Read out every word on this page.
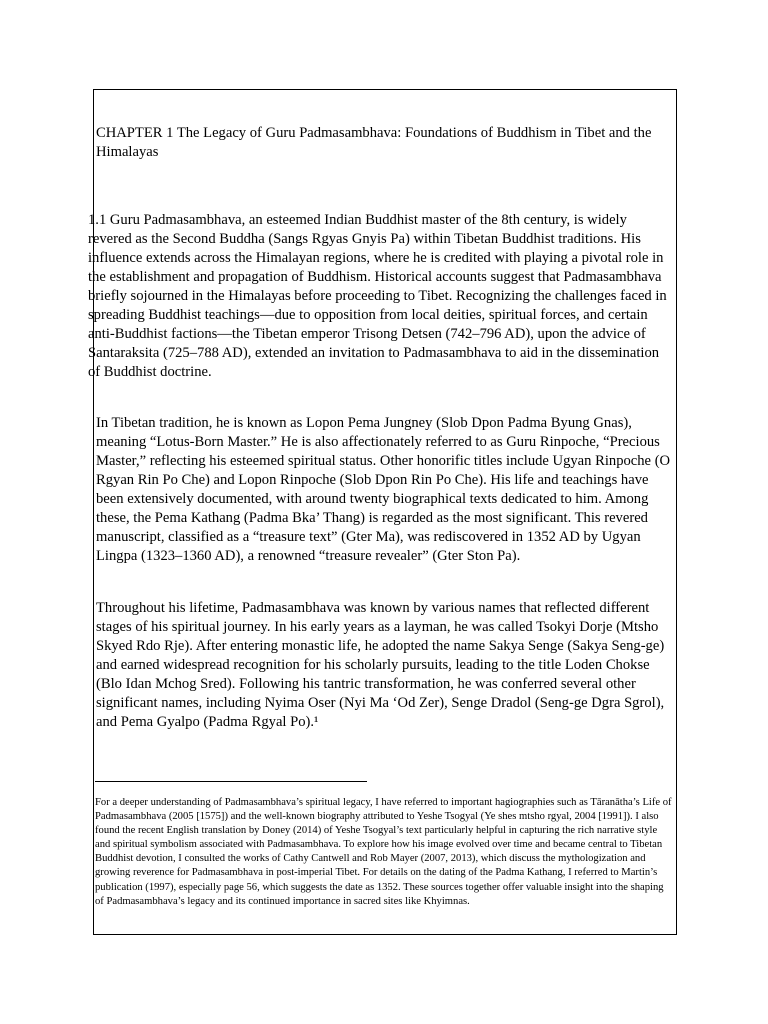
CHAPTER 1 The Legacy of Guru Padmasambhava: Foundations of Buddhism in Tibet and the Himalayas

1.1 Guru Padmasambhava, an esteemed Indian Buddhist master of the 8th century, is widely revered as the Second Buddha (Sangs Rgyas Gnyis Pa) within Tibetan Buddhist traditions. His influence extends across the Himalayan regions, where he is credited with playing a pivotal role in the establishment and propagation of Buddhism. Historical accounts suggest that Padmasambhava briefly sojourned in the Himalayas before proceeding to Tibet. Recognizing the challenges faced in spreading Buddhist teachings—due to opposition from local deities, spiritual forces, and certain anti-Buddhist factions—the Tibetan emperor Trisong Detsen (742–796 AD), upon the advice of Santaraksita (725–788 AD), extended an invitation to Padmasambhava to aid in the dissemination of Buddhist doctrine.

In Tibetan tradition, he is known as Lopon Pema Jungney (Slob Dpon Padma Byung Gnas), meaning “Lotus-Born Master.” He is also affectionately referred to as Guru Rinpoche, “Precious Master,” reflecting his esteemed spiritual status. Other honorific titles include Ugyan Rinpoche (O Rgyan Rin Po Che) and Lopon Rinpoche (Slob Dpon Rin Po Che). His life and teachings have been extensively documented, with around twenty biographical texts dedicated to him. Among these, the Pema Kathang (Padma Bka’ Thang) is regarded as the most significant. This revered manuscript, classified as a “treasure text” (Gter Ma), was rediscovered in 1352 AD by Ugyan Lingpa (1323–1360 AD), a renowned “treasure revealer” (Gter Ston Pa).

Throughout his lifetime, Padmasambhava was known by various names that reflected different stages of his spiritual journey. In his early years as a layman, he was called Tsokyi Dorje (Mtsho Skyed Rdo Rje). After entering monastic life, he adopted the name Sakya Senge (Sakya Seng-ge) and earned widespread recognition for his scholarly pursuits, leading to the title Loden Chokse (Blo Idan Mchog Sred). Following his tantric transformation, he was conferred several other significant names, including Nyima Oser (Nyi Ma ‘Od Zer), Senge Dradol (Seng-ge Dgra Sgrol), and Pema Gyalpo (Padma Rgyal Po).¹

For a deeper understanding of Padmasambhava’s spiritual legacy, I have referred to important hagiographies such as Tāranātha’s Life of Padmasambhava (2005 [1575]) and the well-known biography attributed to Yeshe Tsogyal (Ye shes mtsho rgyal, 2004 [1991]). I also found the recent English translation by Doney (2014) of Yeshe Tsogyal’s text particularly helpful in capturing the rich narrative style and spiritual symbolism associated with Padmasambhava. To explore how his image evolved over time and became central to Tibetan Buddhist devotion, I consulted the works of Cathy Cantwell and Rob Mayer (2007, 2013), which discuss the mythologization and growing reverence for Padmasambhava in post-imperial Tibet. For details on the dating of the Padma Kathang, I referred to Martin’s publication (1997), especially page 56, which suggests the date as 1352. These sources together offer valuable insight into the shaping of Padmasambhava’s legacy and its continued importance in sacred sites like Khyimnas.
